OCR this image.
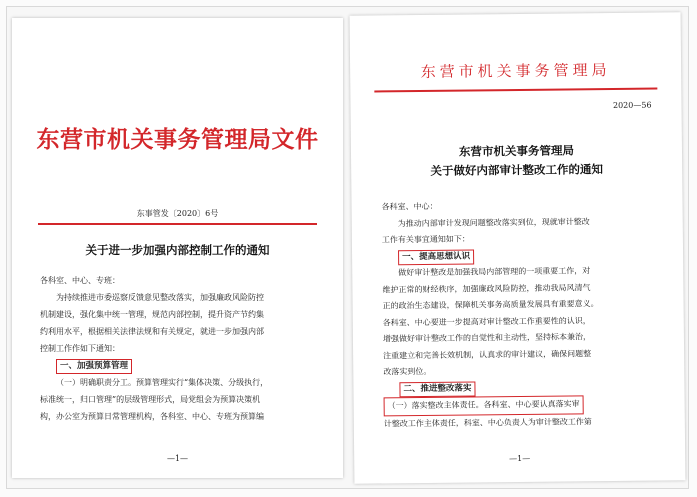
东营市机关事务管理局文件
东事管发〔2020〕6号
关于进一步加强内部控制工作的通知

各科室、中心、专班：

为持续推进市委巡察反馈意见整改落实，加强廉政风险防控

机制建设，强化集中统一管理，规范内部控制，提升资产节约集

约利用水平，根据相关法律法规和有关规定，就进一步加强内部

控制工作作如下通知：

一、加强预算管理

（一）明确职责分工。预算管理实行“集体决策、分级执行，

标准统一，归口管理”的层级管理形式，局党组会为预算决策机

构，办公室为预算日常管理机构，各科室、中心、专班为预算编

—1—
东营市机关事务管理局
2020—56
东营市机关事务管理局
关于做好内部审计整改工作的通知

各科室、中心：

为推动内部审计发现问题整改落实到位，现就审计整改

工作有关事宜通知如下：

一、提高思想认识

做好审计整改是加强我局内部管理的一项重要工作，对

维护正常的财经秩序，加强廉政风险防控，推动我局风清气

正的政治生态建设，保障机关事务高质量发展具有重要意义。

各科室、中心要进一步提高对审计整改工作重要性的认识，

增强做好审计整改工作的自觉性和主动性，坚持标本兼治，

注重建立和完善长效机制，认真求的审计建议，确保问题整

改落实到位。

二、推进整改落实

（一）落实整改主体责任。各科室、中心要认真落实审

计整改工作主体责任，科室、中心负责人为审计整改工作第

—1—
